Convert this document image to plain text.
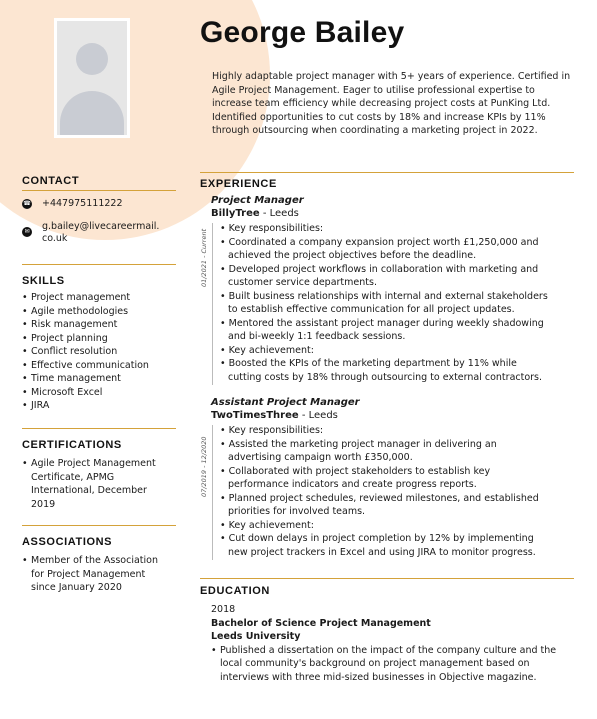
George Bailey
Highly adaptable project manager with 5+ years of experience. Certified in Agile Project Management. Eager to utilise professional expertise to increase team efficiency while decreasing project costs at PunKing Ltd. Identified opportunities to cut costs by 18% and increase KPIs by 11% through outsourcing when coordinating a marketing project in 2022.
CONTACT
☎ +447975111222
✉ g.bailey@livecareermail.
co.uk
SKILLS
• Project management
• Agile methodologies
• Risk management
• Project planning
• Conflict resolution
• Effective communication
• Time management
• Microsoft Excel
• JIRA
CERTIFICATIONS
• Agile Project Management
Certificate, APMG
International, December
2019
ASSOCIATIONS
• Member of the Association
for Project Management
since January 2020
EXPERIENCE
Project Manager
BillyTree - Leeds
01/2021 - Current
• Key responsibilities:
• Coordinated a company expansion project worth £1,250,000 and
achieved the project objectives before the deadline.
• Developed project workflows in collaboration with marketing and
customer service departments.
• Built business relationships with internal and external stakeholders
to establish effective communication for all project updates.
• Mentored the assistant project manager during weekly shadowing
and bi-weekly 1:1 feedback sessions.
• Key achievement:
• Boosted the KPIs of the marketing department by 11% while
cutting costs by 18% through outsourcing to external contractors.
Assistant Project Manager
TwoTimesThree - Leeds
07/2019 - 12/2020
• Key responsibilities:
• Assisted the marketing project manager in delivering an
advertising campaign worth £350,000.
• Collaborated with project stakeholders to establish key
performance indicators and create progress reports.
• Planned project schedules, reviewed milestones, and established
priorities for involved teams.
• Key achievement:
• Cut down delays in project completion by 12% by implementing
new project trackers in Excel and using JIRA to monitor progress.
EDUCATION
2018
Bachelor of Science Project Management
Leeds University
• Published a dissertation on the impact of the company culture and the local community's background on project management based on interviews with three mid-sized businesses in Objective magazine.
